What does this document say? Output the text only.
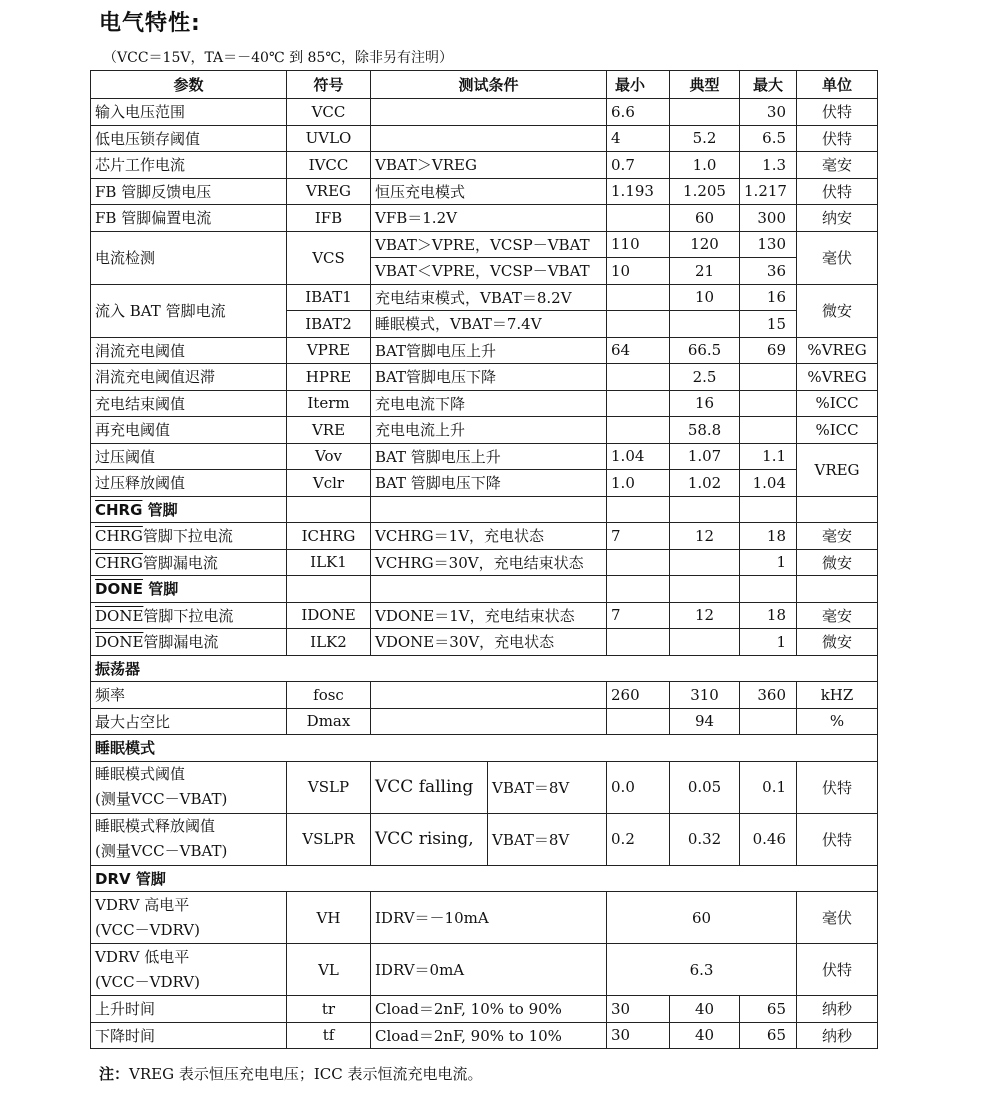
电气特性:
（VCC＝15V，TA＝－40℃ 到 85℃，除非另有注明）
参数	符号	测试条件		最小	典型	最大	单位
输入电压范围	VCC			6.6		30	伏特
低电压锁存阈值	UVLO			4	5.2	6.5	伏特
芯片工作电流	IVCC	VBAT＞VREG		0.7	1.0	1.3	毫安
FB 管脚反馈电压	VREG	恒压充电模式		1.193	1.205	1.217	伏特
FB 管脚偏置电流	IFB	VFB＝1.2V			60	300	纳安
电流检测	VCS	VBAT＞VPRE，VCSP－VBAT		110	120	130	毫伏
		VBAT＜VPRE，VCSP－VBAT		10	21	36	
流入 BAT 管脚电流	IBAT1	充电结束模式，VBAT＝8.2V			10	16	微安
	IBAT2	睡眠模式，VBAT＝7.4V				15	
涓流充电阈值	VPRE	BAT管脚电压上升		64	66.5	69	%VREG
涓流充电阈值迟滞	HPRE	BAT管脚电压下降			2.5		%VREG
充电结束阈值	Iterm	充电电流下降			16		%ICC
再充电阈值	VRE	充电电流上升			58.8		%ICC
过压阈值	Vov	BAT 管脚电压上升		1.04	1.07	1.1	VREG
过压释放阈值	Vclr	BAT 管脚电压下降		1.0	1.02	1.04	
CHRG 管脚							
CHRG管脚下拉电流	ICHRG	VCHRG＝1V，充电状态		7	12	18	毫安
CHRG管脚漏电流	ILK1	VCHRG＝30V，充电结束状态				1	微安
DONE 管脚							
DONE管脚下拉电流	IDONE	VDONE＝1V，充电结束状态		7	12	18	毫安
DONE管脚漏电流	ILK2	VDONE＝30V，充电状态				1	微安
振荡器							
频率	fosc			260	310	360	kHZ
最大占空比	Dmax				94		%
睡眠模式							
睡眠模式阈值
(测量VCC－VBAT)	VSLP	VCC falling	VBAT＝8V	0.0	0.05	0.1	伏特
睡眠模式释放阈值
(测量VCC－VBAT)	VSLPR	VCC rising,	VBAT＝8V	0.2	0.32	0.46	伏特
DRV 管脚							
VDRV 高电平
(VCC－VDRV)	VH	IDRV＝－10mA		60			毫伏
VDRV 低电平
(VCC－VDRV)	VL	IDRV＝0mA		6.3			伏特
上升时间	tr	Cload＝2nF, 10% to 90%		30	40	65	纳秒
下降时间	tf	Cload＝2nF, 90% to 10%		30	40	65	纳秒
注：VREG 表示恒压充电电压；ICC 表示恒流充电电流。
